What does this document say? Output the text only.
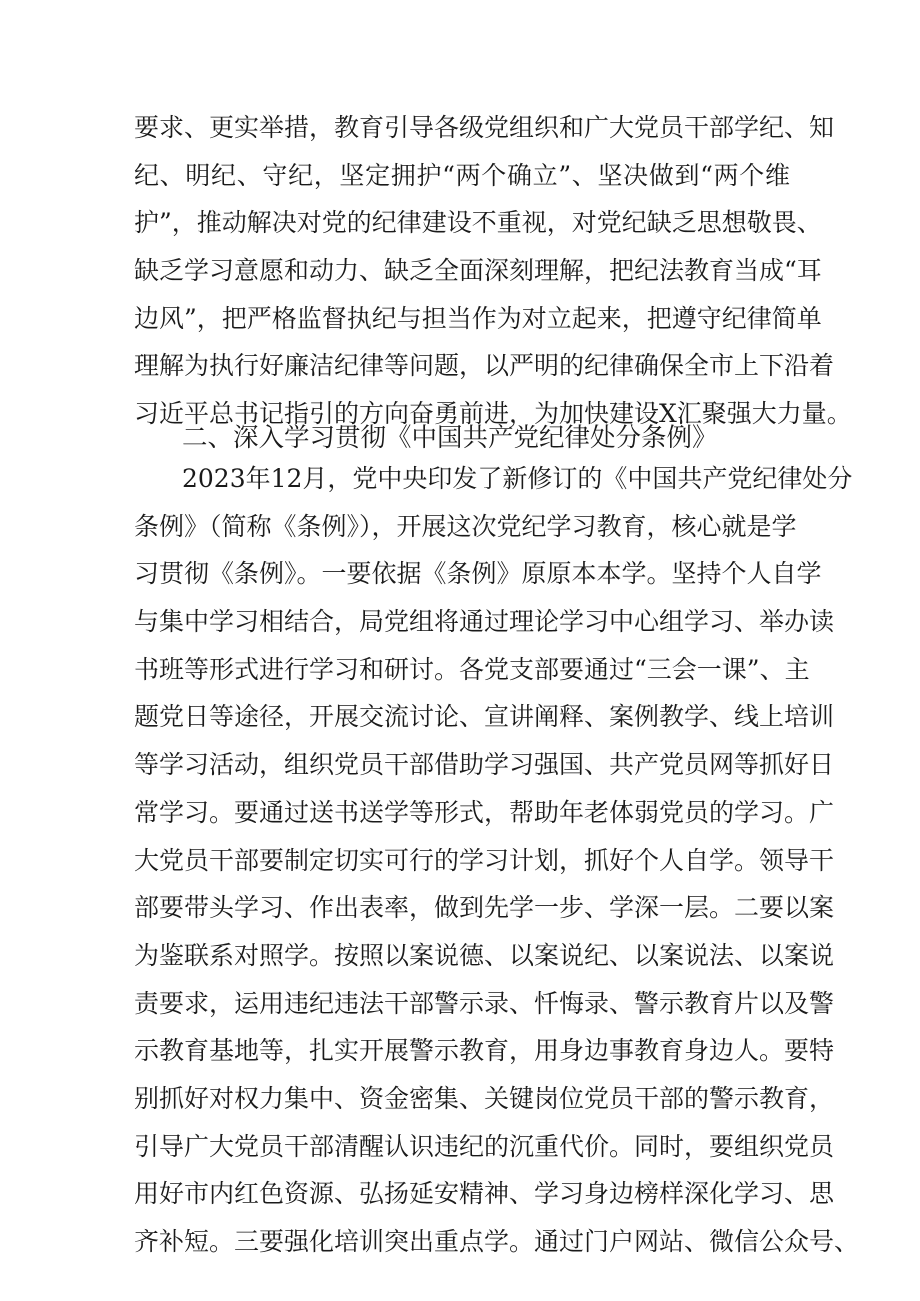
要求、更实举措，教育引导各级党组织和广大党员干部学纪、知
纪、明纪、守纪，坚定拥护“两个确立”、坚决做到“两个维
护”，推动解决对党的纪律建设不重视，对党纪缺乏思想敬畏、
缺乏学习意愿和动力、缺乏全面深刻理解，把纪法教育当成“耳
边风”，把严格监督执纪与担当作为对立起来，把遵守纪律简单
理解为执行好廉洁纪律等问题，以严明的纪律确保全市上下沿着
习近平总书记指引的方向奋勇前进，为加快建设X汇聚强大力量。
二、深入学习贯彻《中国共产党纪律处分条例》
2023年12月，党中央印发了新修订的《中国共产党纪律处分
条例》（简称《条例》），开展这次党纪学习教育，核心就是学
习贯彻《条例》。一要依据《条例》原原本本学。坚持个人自学
与集中学习相结合，局党组将通过理论学习中心组学习、举办读
书班等形式进行学习和研讨。各党支部要通过“三会一课”、主
题党日等途径，开展交流讨论、宣讲阐释、案例教学、线上培训
等学习活动，组织党员干部借助学习强国、共产党员网等抓好日
常学习。要通过送书送学等形式，帮助年老体弱党员的学习。广
大党员干部要制定切实可行的学习计划，抓好个人自学。领导干
部要带头学习、作出表率，做到先学一步、学深一层。二要以案
为鉴联系对照学。按照以案说德、以案说纪、以案说法、以案说
责要求，运用违纪违法干部警示录、忏悔录、警示教育片以及警
示教育基地等，扎实开展警示教育，用身边事教育身边人。要特
别抓好对权力集中、资金密集、关键岗位党员干部的警示教育，
引导广大党员干部清醒认识违纪的沉重代价。同时，要组织党员
用好市内红色资源、弘扬延安精神、学习身边榜样深化学习、思
齐补短。三要强化培训突出重点学。通过门户网站、微信公众号、
